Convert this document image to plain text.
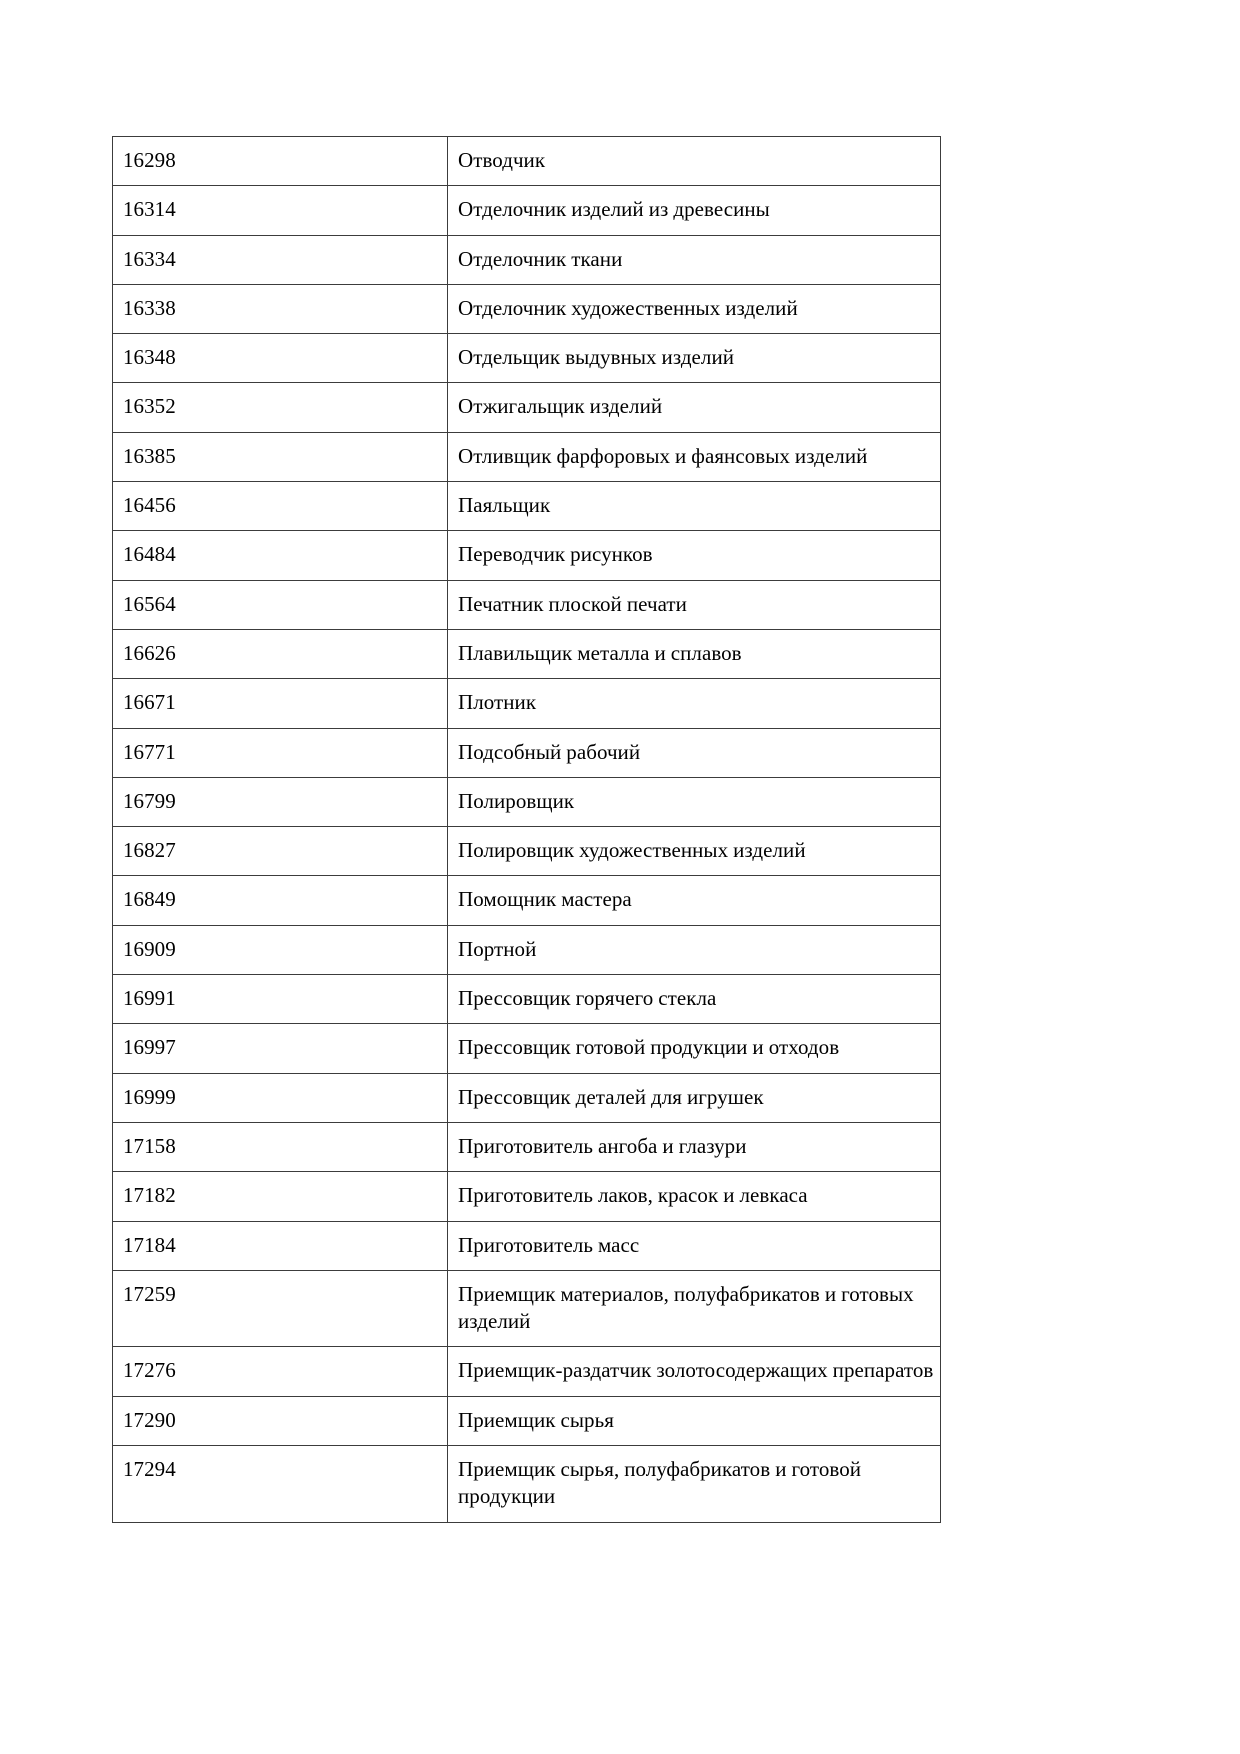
16298	Отводчик
16314	Отделочник изделий из древесины
16334	Отделочник ткани
16338	Отделочник художественных изделий
16348	Отдельщик выдувных изделий
16352	Отжигальщик изделий
16385	Отливщик фарфоровых и фаянсовых изделий
16456	Паяльщик
16484	Переводчик рисунков
16564	Печатник плоской печати
16626	Плавильщик металла и сплавов
16671	Плотник
16771	Подсобный рабочий
16799	Полировщик
16827	Полировщик художественных изделий
16849	Помощник мастера
16909	Портной
16991	Прессовщик горячего стекла
16997	Прессовщик готовой продукции и отходов
16999	Прессовщик деталей для игрушек
17158	Приготовитель ангоба и глазури
17182	Приготовитель лаков, красок и левкаса
17184	Приготовитель масс
17259	Приемщик материалов, полуфабрикатов и готовых изделий
17276	Приемщик-раздатчик золотосодержащих препаратов
17290	Приемщик сырья
17294	Приемщик сырья, полуфабрикатов и готовой продукции
